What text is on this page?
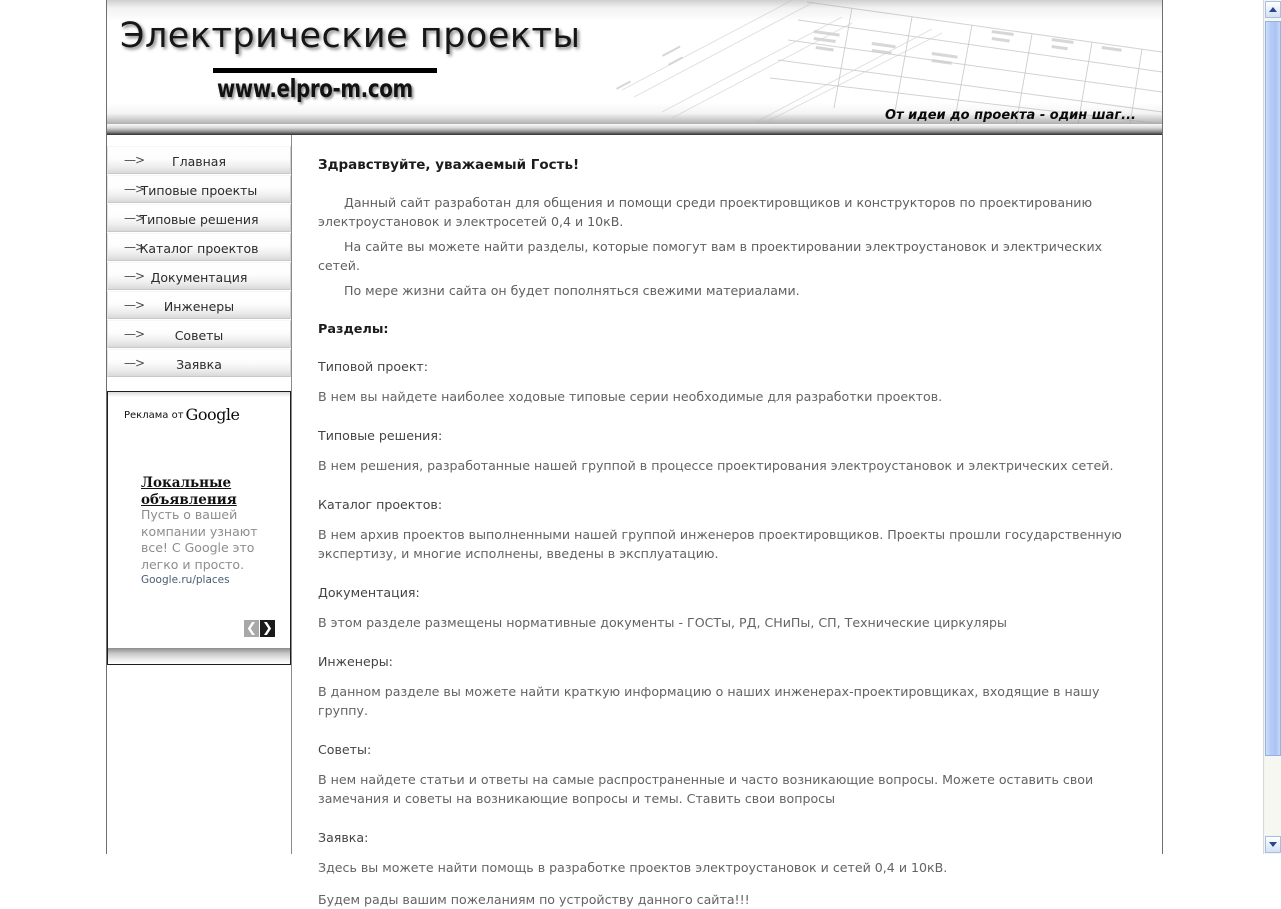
Электрические проекты
www.elpro-m.com
От идеи до проекта - один шаг...
—> Главная
—>
Типовые проекты
—>
Типовые решения
—>
Каталог проектов
—> Документация
—> Инженеры
—> Советы
—>	Заявка
Реклама от Google
Локальные объявления
Пусть о вашей компании узнают все! С Google это легко и просто.
Google.ru/places
❮ ❯
Здравствуйте, уважаемый Гость!

Данный сайт разработан для общения и помощи среди проектировщиков и конструкторов по проектированию электроустановок и электросетей 0,4 и 10кВ.

На сайте вы можете найти разделы, которые помогут вам в проектировании электроустановок и электрических сетей.

По мере жизни сайта он будет пополняться свежими материалами.

Разделы:
Типовой проект:

В нем вы найдете наиболее ходовые типовые серии необходимые для разработки проектов.

Типовые решения:

В нем решения, разработанные нашей группой в процессе проектирования электроустановок и электрических сетей.

Каталог проектов:

В нем архив проектов выполненными нашей группой инженеров проектировщиков. Проекты прошли государственную экспертизу, и многие исполнены, введены в эксплуатацию.

Документация:

В этом разделе размещены нормативные документы - ГОСТы, РД, СНиПы, СП, Технические циркуляры

Инженеры:

В данном разделе вы можете найти краткую информацию о наших инженерах-проектировщиках, входящие в нашу группу.

Советы:

В нем найдете статьи и ответы на самые распространенные и часто возникающие вопросы. Можете оставить свои замечания и советы на возникающие вопросы и темы. Ставить свои вопросы

Заявка:

Здесь вы можете найти помощь в разработке проектов электроустановок и сетей 0,4 и 10кВ.

Будем рады вашим пожеланиям по устройству данного сайта!!!
